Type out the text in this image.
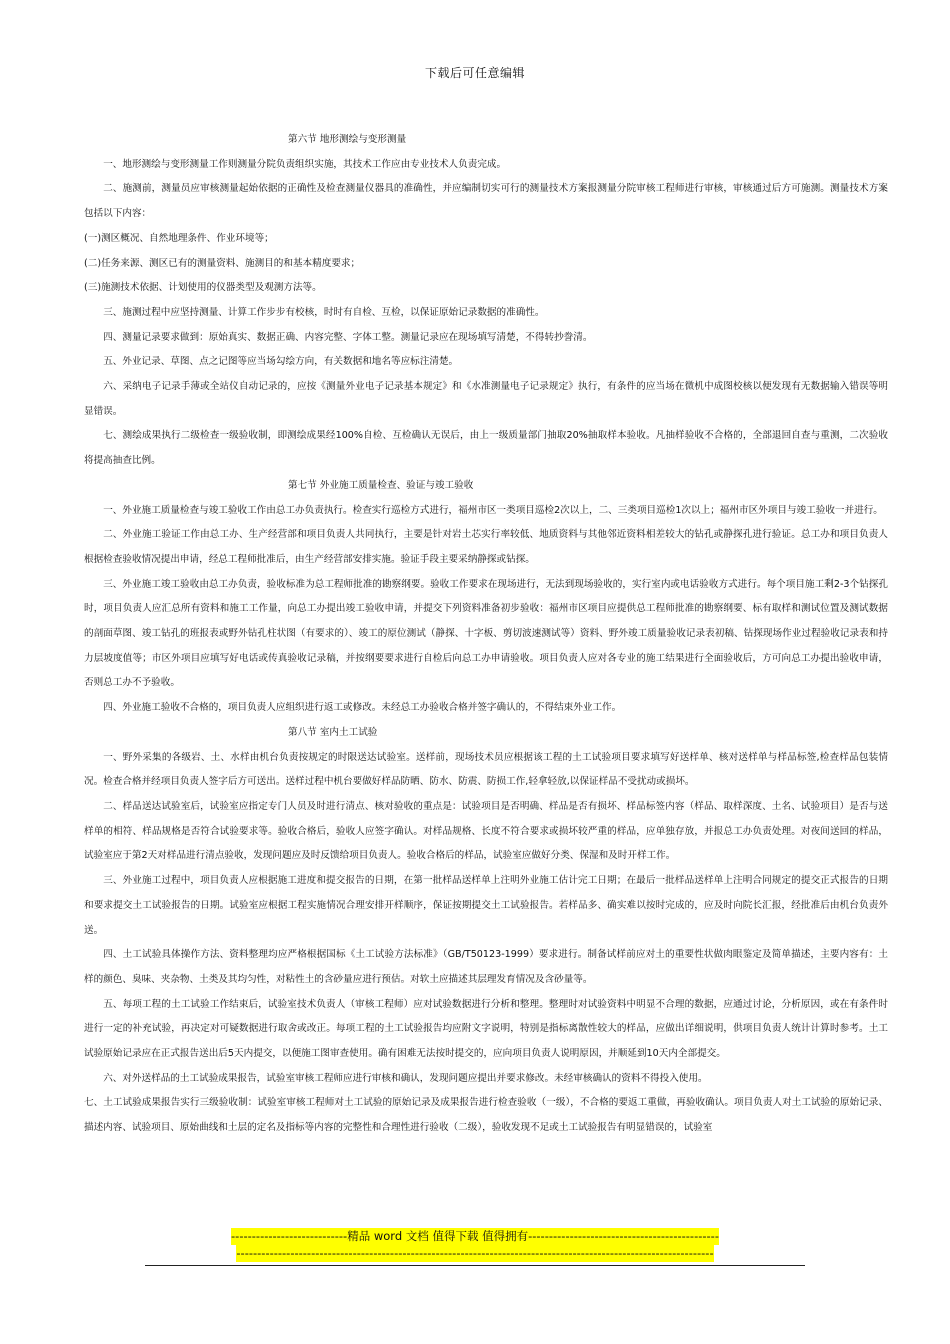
下载后可任意编辑
第六节 地形测绘与变形测量

一、地形测绘与变形测量工作则测量分院负责组织实施，其技术工作应由专业技术人负责完成。

二、施测前，测量员应审核测量起始依据的正确性及检查测量仪器具的准确性，并应编制切实可行的测量技术方案报测量分院审核工程师进行审核，审核通过后方可施测。测量技术方案包括以下内容：

(一)测区概况、自然地理条件、作业环境等；

(二)任务来源、测区已有的测量资料、施测目的和基本精度要求；

(三)施测技术依据、计划使用的仪器类型及观测方法等。

三、施测过程中应坚持测量、计算工作步步有校核，时时有自检、互检，以保证原始记录数据的准确性。

四、测量记录要求做到：原始真实、数据正确、内容完整、字体工整。测量记录应在现场填写清楚，不得转抄誊清。

五、外业记录、草图、点之记图等应当场勾绘方向，有关数据和地名等应标注清楚。

六、采纳电子记录手薄或全站仪自动记录的，应按《测量外业电子记录基本规定》和《水准测量电子记录规定》执行，有条件的应当场在微机中成图校核以便发现有无数据输入错误等明显错误。

七、测绘成果执行二级检查一级验收制，即测绘成果经100%自检、互检确认无误后，由上一级质量部门抽取20%抽取样本验收。凡抽样验收不合格的，全部退回自查与重测，二次验收将提高抽查比例。

第七节 外业施工质量检查、验证与竣工验收

一、外业施工质量检查与竣工验收工作由总工办负责执行。检查实行巡检方式进行，福州市区一类项目巡检2次以上，二、三类项目巡检1次以上；福州市区外项目与竣工验收一并进行。

二、外业施工验证工作由总工办、生产经营部和项目负责人共同执行，主要是针对岩土芯实行率较低、地质资料与其他邻近资料相差较大的钻孔或静探孔进行验证。总工办和项目负责人根据检查验收情况提出申请，经总工程师批准后，由生产经营部安排实施。验证手段主要采纳静探或钻探。

三、外业施工竣工验收由总工办负责，验收标准为总工程师批准的勘察纲要。验收工作要求在现场进行，无法到现场验收的，实行室内或电话验收方式进行。每个项目施工剩2-3个钻探孔时，项目负责人应汇总所有资料和施工工作量，向总工办提出竣工验收申请，并提交下列资料准备初步验收：福州市区项目应提供总工程师批准的勘察纲要、标有取样和测试位置及测试数据的剖面草图、竣工钻孔的班报表或野外钻孔柱状图（有要求的）、竣工的原位测试（静探、十字板、剪切波速测试等）资料、野外竣工质量验收记录表初稿、钻探现场作业过程验收记录表和持力层坡度值等；市区外项目应填写好电话或传真验收记录稿，并按纲要要求进行自检后向总工办申请验收。项目负责人应对各专业的施工结果进行全面验收后，方可向总工办提出验收申请，否则总工办不予验收。

四、外业施工验收不合格的，项目负责人应组织进行返工或修改。未经总工办验收合格并签字确认的，不得结束外业工作。

第八节 室内土工试验

一、野外采集的各级岩、土、水样由机台负责按规定的时限送达试验室。送样前，现场技术员应根据该工程的土工试验项目要求填写好送样单、核对送样单与样品标签,检查样品包装情况。检查合格并经项目负责人签字后方可送出。送样过程中机台要做好样品防晒、防水、防震、防损工作,轻拿轻放,以保证样品不受扰动或损坏。

二、样品送达试验室后，试验室应指定专门人员及时进行清点、核对验收的重点是：试验项目是否明确、样品是否有损坏、样品标签内容（样品、取样深度、土名、试验项目）是否与送样单的相符、样品规格是否符合试验要求等。验收合格后，验收人应签字确认。对样品规格、长度不符合要求或损坏较严重的样品，应单独存放，并报总工办负责处理。对夜间送回的样品，试验室应于第2天对样品进行清点验收，发现问题应及时反馈给项目负责人。验收合格后的样品，试验室应做好分类、保湿和及时开样工作。

三、外业施工过程中，项目负责人应根据施工进度和提交报告的日期，在第一批样品送样单上注明外业施工估计完工日期；在最后一批样品送样单上注明合同规定的提交正式报告的日期和要求提交土工试验报告的日期。试验室应根据工程实施情况合理安排开样顺序，保证按期提交土工试验报告。若样品多、确实难以按时完成的，应及时向院长汇报，经批准后由机台负责外送。

四、土工试验具体操作方法、资料整理均应严格根据国标《土工试验方法标准》（GB/T50123-1999）要求进行。制备试样前应对土的重要性状做肉眼鉴定及简单描述，主要内容有：土样的颜色、臭味、夹杂物、土类及其均匀性，对粘性土的含砂量应进行预估。对软土应描述其层理发育情况及含砂量等。

五、每项工程的土工试验工作结束后，试验室技术负责人（审核工程师）应对试验数据进行分析和整理。整理时对试验资料中明显不合理的数据，应通过讨论，分析原因，或在有条件时进行一定的补充试验，再决定对可疑数据进行取舍或改正。每项工程的土工试验报告均应附文字说明，特别是指标离散性较大的样品，应做出详细说明，供项目负责人统计计算时参考。土工试验原始记录应在正式报告送出后5天内提交，以便施工图审查使用。确有困难无法按时提交的，应向项目负责人说明原因，并顺延到10天内全部提交。

六、对外送样品的土工试验成果报告，试验室审核工程师应进行审核和确认，发现问题应提出并要求修改。未经审核确认的资料不得投入使用。

七、土工试验成果报告实行三级验收制：试验室审核工程师对土工试验的原始记录及成果报告进行检查验收（一级），不合格的要返工重做，再验收确认。项目负责人对土工试验的原始记录、描述内容、试验项目、原始曲线和土层的定名及指标等内容的完整性和合理性进行验收（二级），验收发现不足或土工试验报告有明显错误的，试验室

----------------------------精品 word 文档 值得下载 值得拥有----------------------------------------------
-------------------------------------------------------------------------------------------------------------------
